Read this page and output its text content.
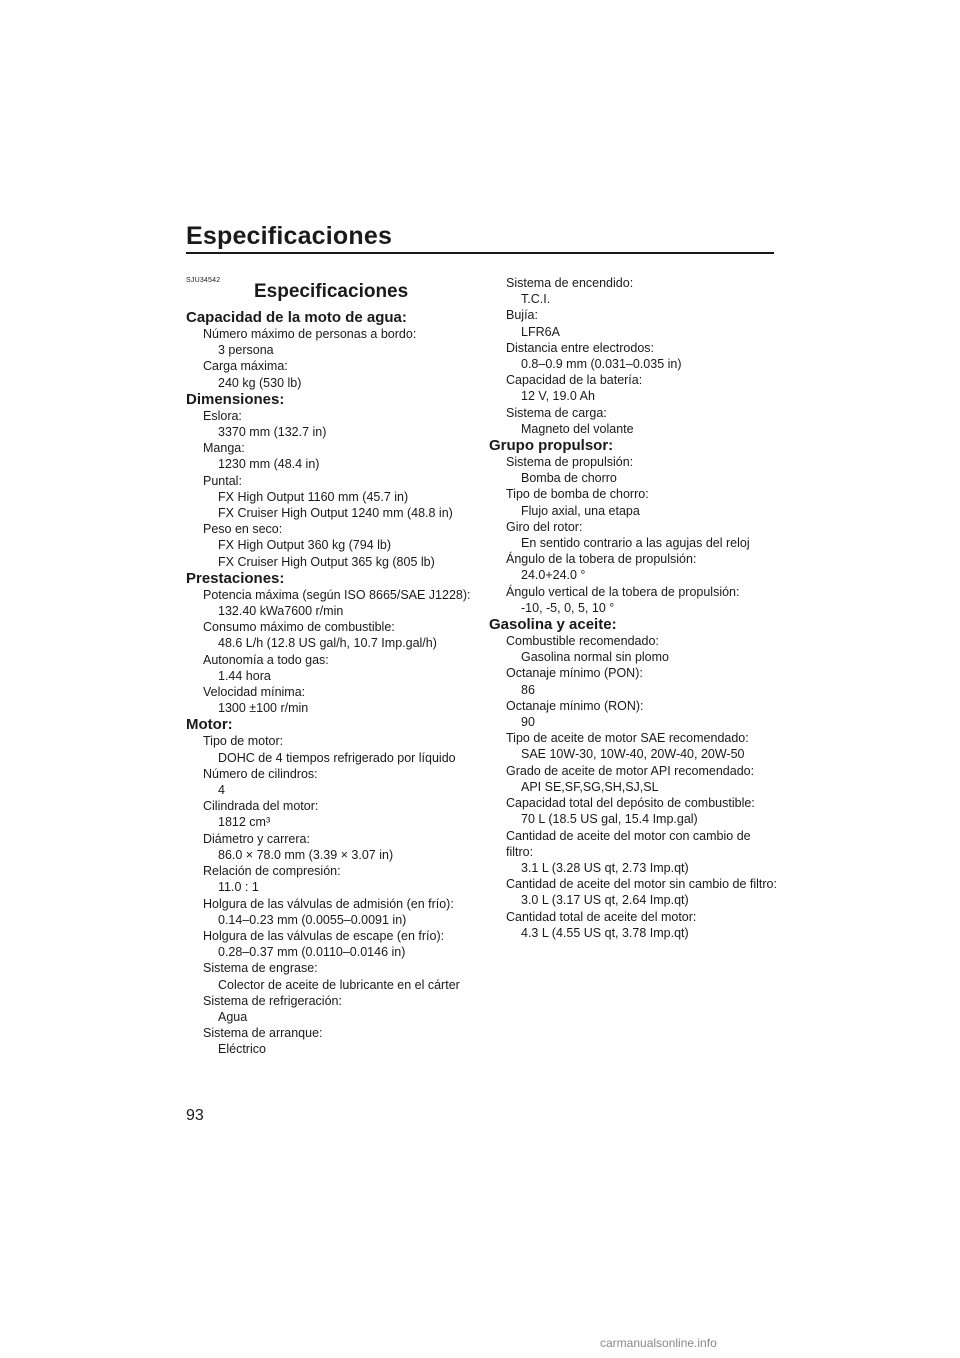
Especificaciones
SJU34542
Especificaciones
Capacidad de la moto de agua:
Número máximo de personas a bordo:
3 persona
Carga máxima:
240 kg (530 lb)
Dimensiones:
Eslora:
3370 mm (132.7 in)
Manga:
1230 mm (48.4 in)
Puntal:
FX High Output 1160 mm (45.7 in)
FX Cruiser High Output 1240 mm (48.8 in)
Peso en seco:
FX High Output 360 kg (794 lb)
FX Cruiser High Output 365 kg (805 lb)
Prestaciones:
Potencia máxima (según ISO 8665/SAE J1228):
132.40 kWa7600 r/min
Consumo máximo de combustible:
48.6 L/h (12.8 US gal/h, 10.7 Imp.gal/h)
Autonomía a todo gas:
1.44 hora
Velocidad mínima:
1300 ±100 r/min
Motor:
Tipo de motor:
DOHC de 4 tiempos refrigerado por líquido
Número de cilindros:
4
Cilindrada del motor:
1812 cm³
Diámetro y carrera:
86.0 × 78.0 mm (3.39 × 3.07 in)
Relación de compresión:
11.0 : 1
Holgura de las válvulas de admisión (en frío):
0.14–0.23 mm (0.0055–0.0091 in)
Holgura de las válvulas de escape (en frío):
0.28–0.37 mm (0.0110–0.0146 in)
Sistema de engrase:
Colector de aceite de lubricante en el cárter
Sistema de refrigeración:
Agua
Sistema de arranque:
Eléctrico
Sistema de encendido:
T.C.I.
Bujía:
LFR6A
Distancia entre electrodos:
0.8–0.9 mm (0.031–0.035 in)
Capacidad de la batería:
12 V, 19.0 Ah
Sistema de carga:
Magneto del volante
Grupo propulsor:
Sistema de propulsión:
Bomba de chorro
Tipo de bomba de chorro:
Flujo axial, una etapa
Giro del rotor:
En sentido contrario a las agujas del reloj
Ángulo de la tobera de propulsión:
24.0+24.0 °
Ángulo vertical de la tobera de propulsión:
-10, -5, 0, 5, 10 °
Gasolina y aceite:
Combustible recomendado:
Gasolina normal sin plomo
Octanaje mínimo (PON):
86
Octanaje mínimo (RON):
90
Tipo de aceite de motor SAE recomendado:
SAE 10W-30, 10W-40, 20W-40, 20W-50
Grado de aceite de motor API recomendado:
API SE,SF,SG,SH,SJ,SL
Capacidad total del depósito de combustible:
70 L (18.5 US gal, 15.4 Imp.gal)
Cantidad de aceite del motor con cambio de
filtro:
3.1 L (3.28 US qt, 2.73 Imp.qt)
Cantidad de aceite del motor sin cambio de filtro:
3.0 L (3.17 US qt, 2.64 Imp.qt)
Cantidad total de aceite del motor:
4.3 L (4.55 US qt, 3.78 Imp.qt)
93
carmanualsonline.info
